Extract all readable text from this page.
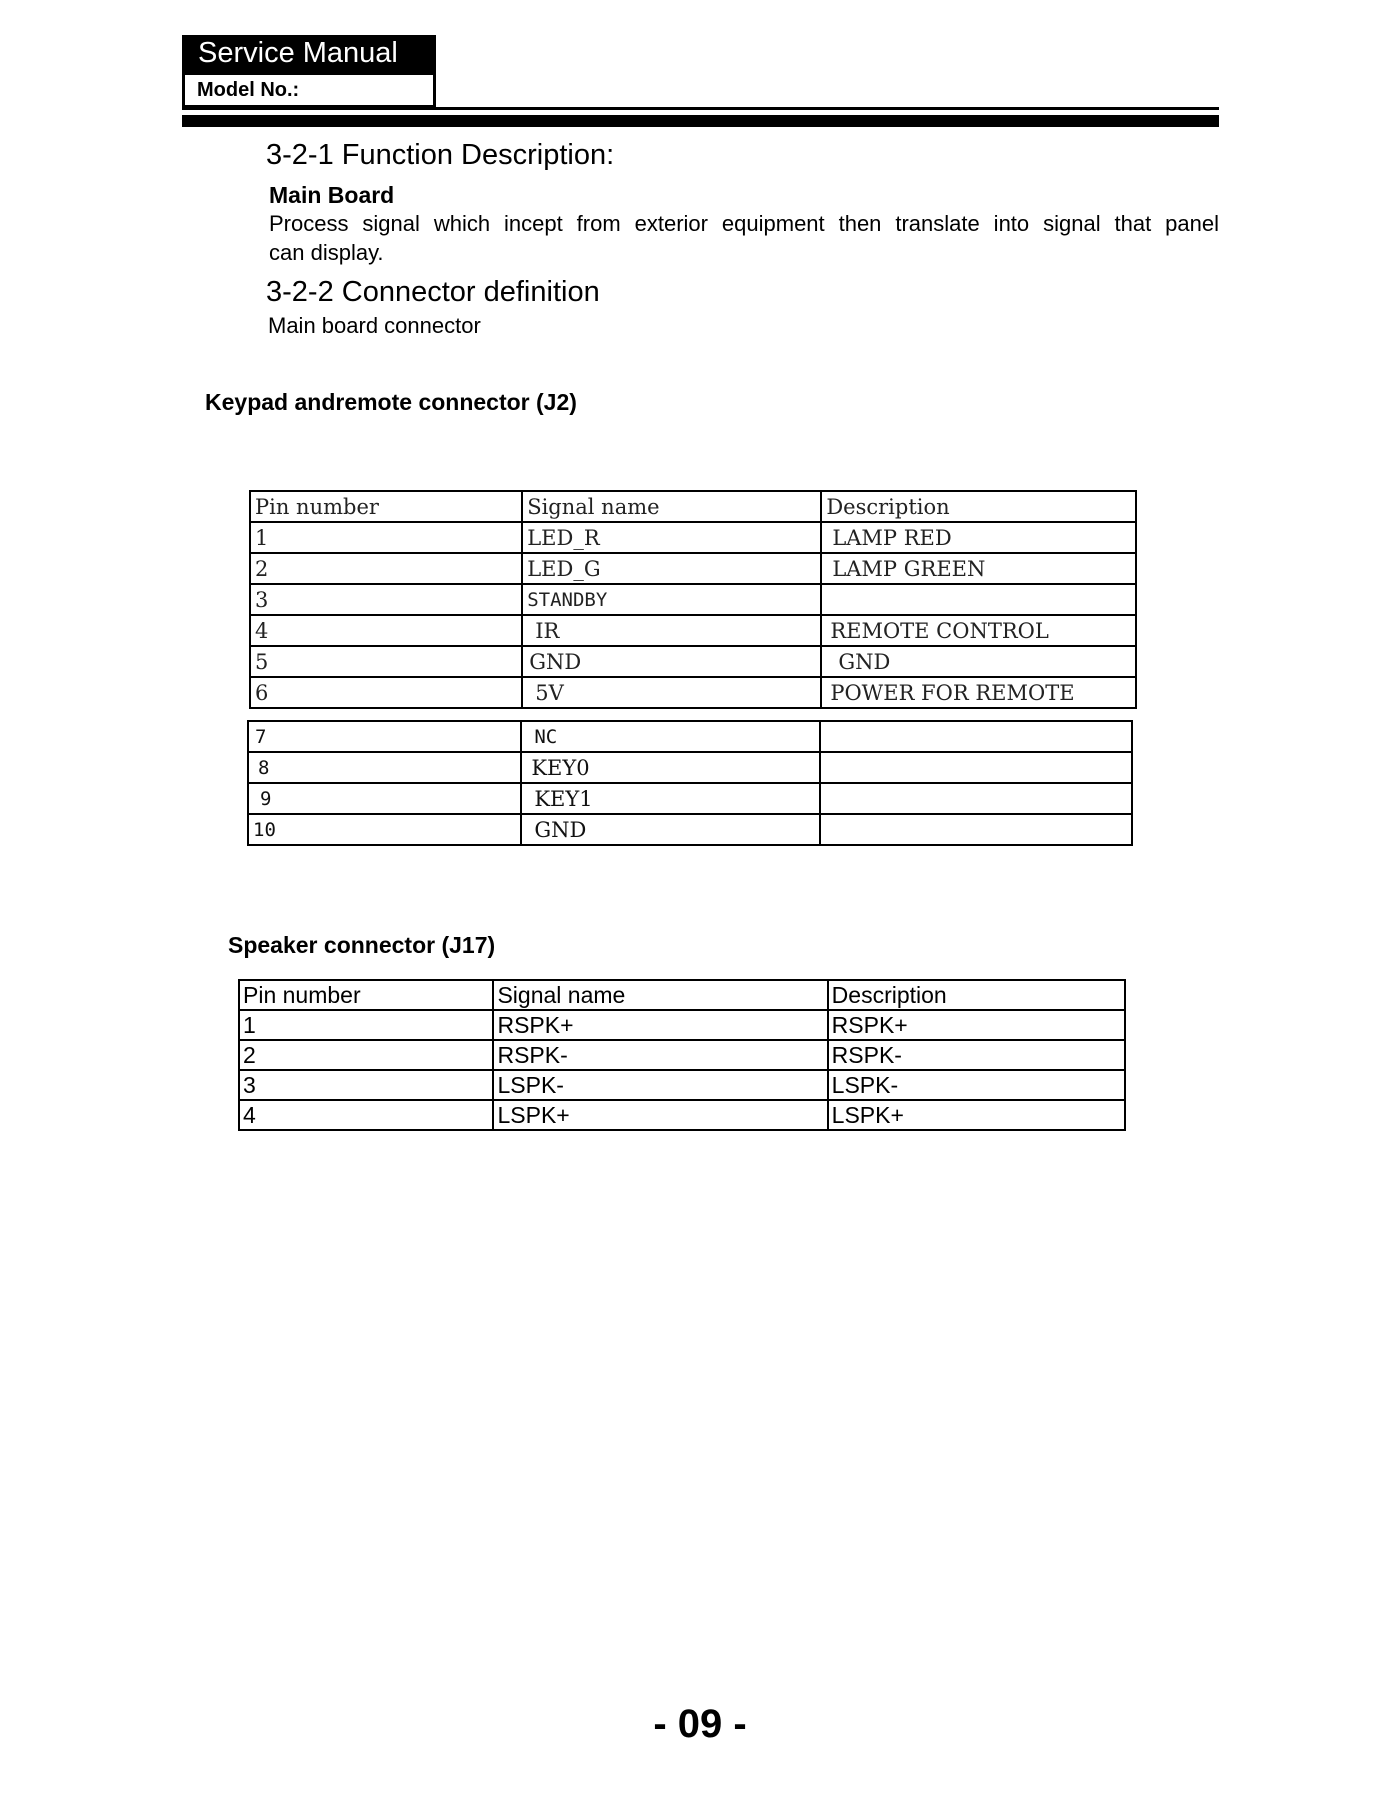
Service Manual
Model No.:
3-2-1 Function Description:
Main Board
Process signal which incept from exterior equipment then translate into signal that panel
can display.
3-2-2 Connector definition
Main board connector
Keypad andremote connector (J2)
Pin number	Signal name	Description
1	LED_R	LAMP RED
2	LED_G	LAMP GREEN
3	STANDBY	
4	IR	REMOTE CONTROL
5	GND	GND
6	5V	POWER FOR REMOTE
7	NC	
8	KEY0	
9	KEY1	
10	GND	
Speaker connector (J17)
Pin number	Signal name	Description
1	RSPK+	RSPK+
2	RSPK-	RSPK-
3	LSPK-	LSPK-
4	LSPK+	LSPK+
- 09 -
